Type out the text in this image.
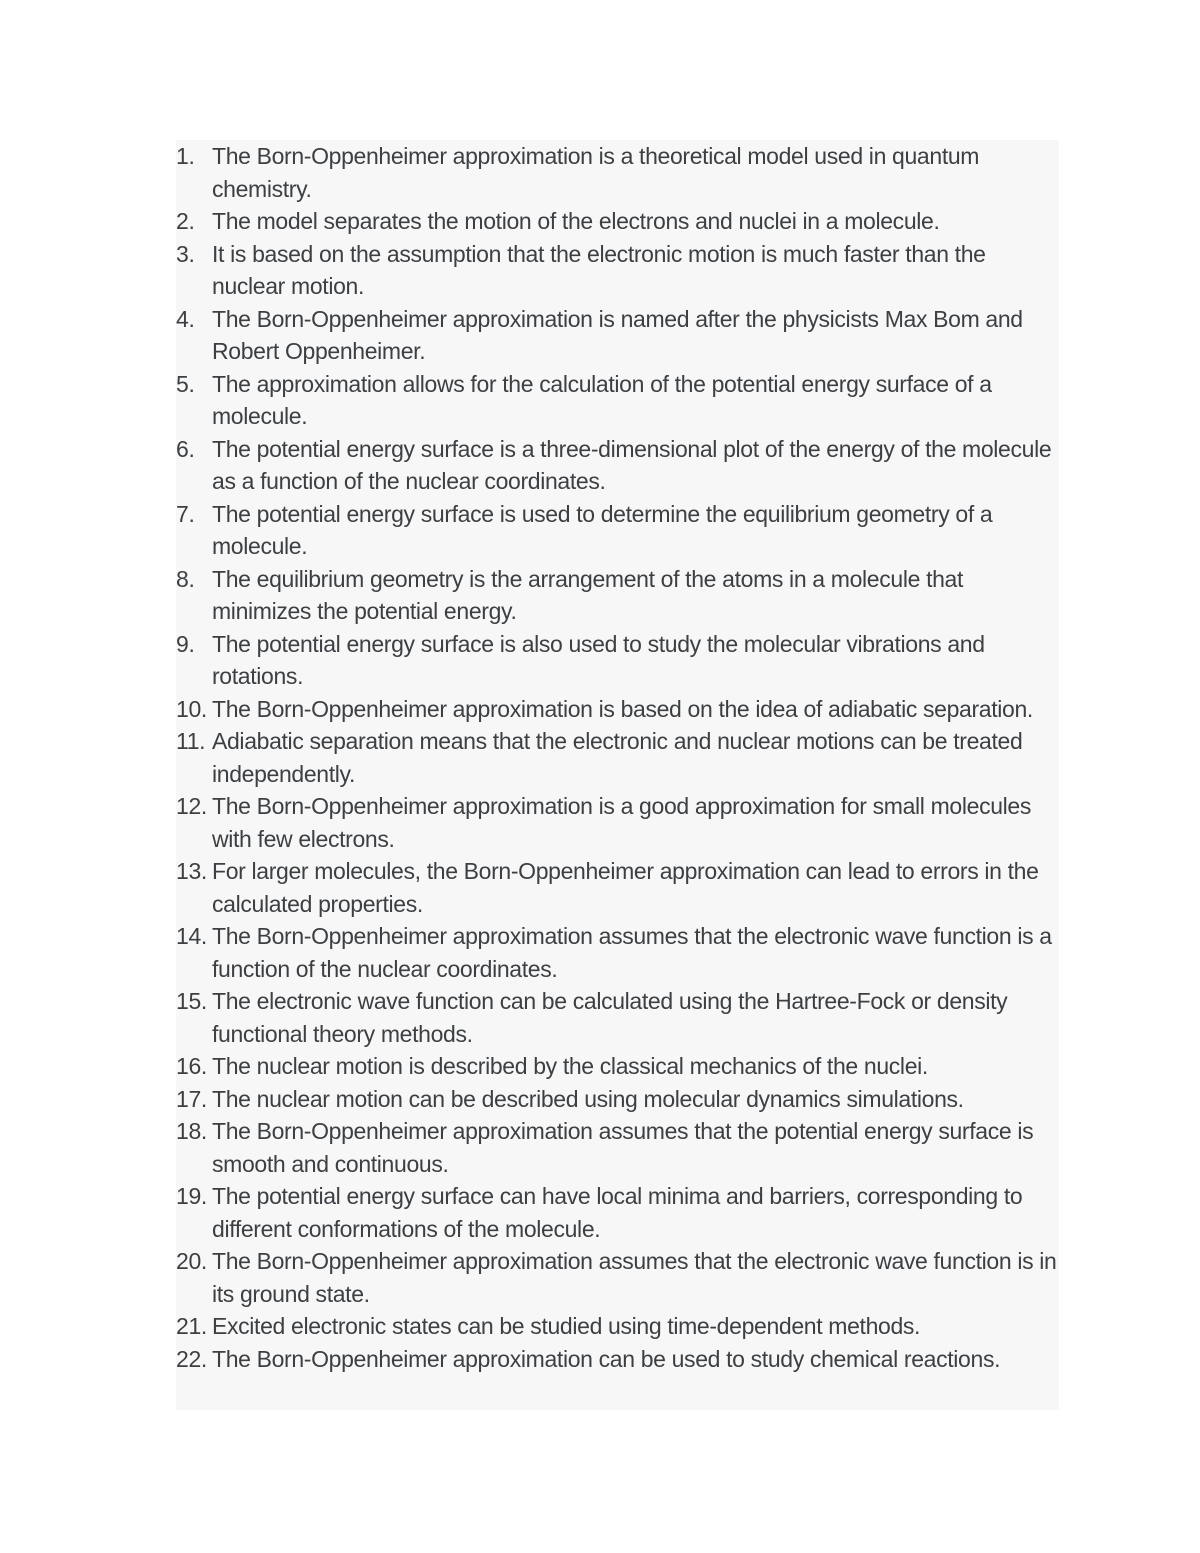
1. The Born-Oppenheimer approximation is a theoretical model used in quantum chemistry.
2. The model separates the motion of the electrons and nuclei in a molecule.
3. It is based on the assumption that the electronic motion is much faster than the nuclear motion.
4. The Born-Oppenheimer approximation is named after the physicists Max Bom and Robert Oppenheimer.
5. The approximation allows for the calculation of the potential energy surface of a molecule.
6. The potential energy surface is a three-dimensional plot of the energy of the molecule as a function of the nuclear coordinates.
7. The potential energy surface is used to determine the equilibrium geometry of a molecule.
8. The equilibrium geometry is the arrangement of the atoms in a molecule that minimizes the potential energy.
9. The potential energy surface is also used to study the molecular vibrations and rotations.
10. The Born-Oppenheimer approximation is based on the idea of adiabatic separation.
11. Adiabatic separation means that the electronic and nuclear motions can be treated independently.
12. The Born-Oppenheimer approximation is a good approximation for small molecules with few electrons.
13. For larger molecules, the Born-Oppenheimer approximation can lead to errors in the calculated properties.
14. The Born-Oppenheimer approximation assumes that the electronic wave function is a function of the nuclear coordinates.
15. The electronic wave function can be calculated using the Hartree-Fock or density functional theory methods.
16. The nuclear motion is described by the classical mechanics of the nuclei.
17. The nuclear motion can be described using molecular dynamics simulations.
18. The Born-Oppenheimer approximation assumes that the potential energy surface is smooth and continuous.
19. The potential energy surface can have local minima and barriers, corresponding to different conformations of the molecule.
20. The Born-Oppenheimer approximation assumes that the electronic wave function is in its ground state.
21. Excited electronic states can be studied using time-dependent methods.
22. The Born-Oppenheimer approximation can be used to study chemical reactions.
